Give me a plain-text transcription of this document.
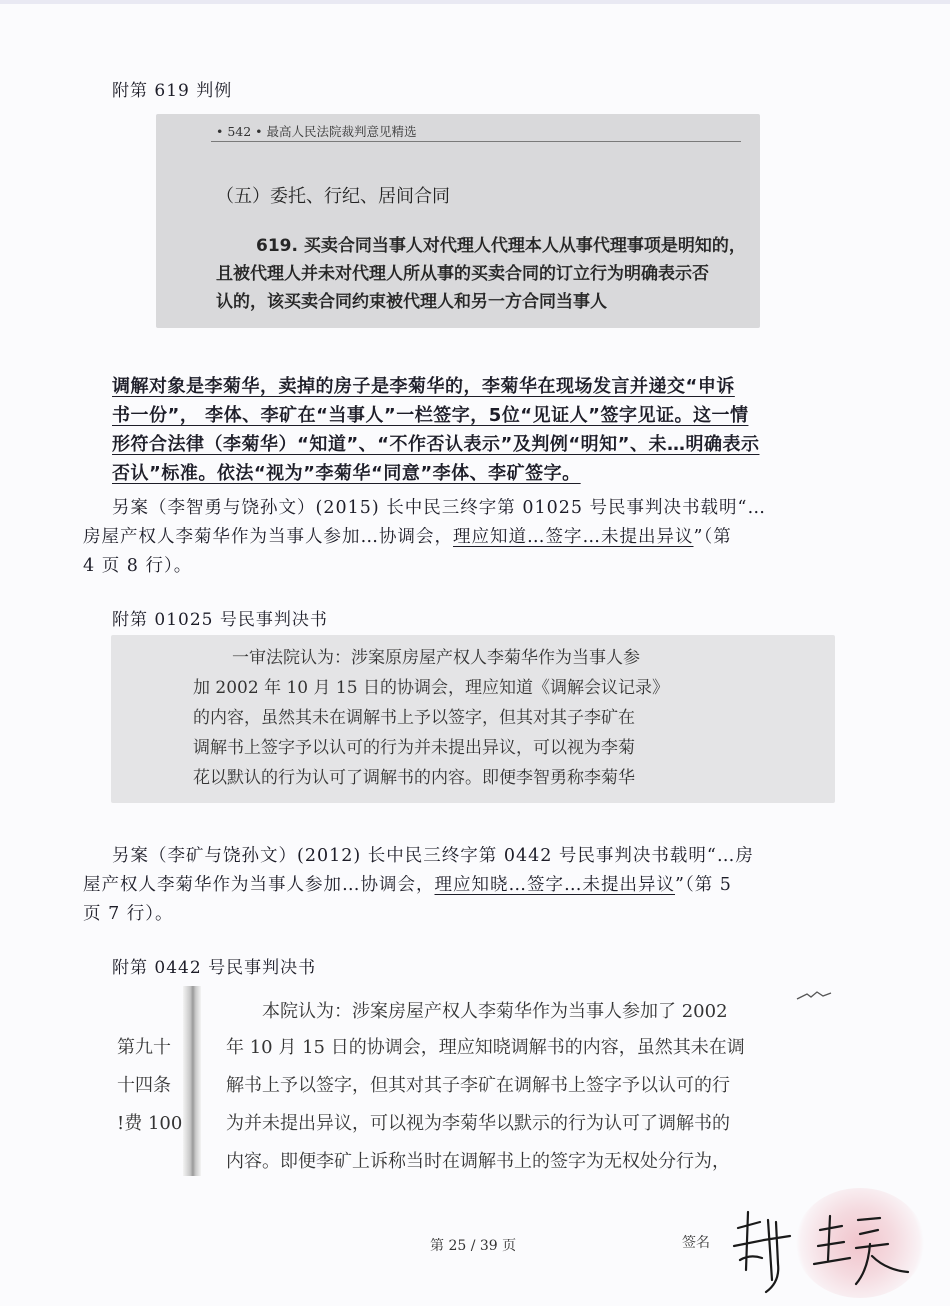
附第 619 判例
• 542 • 最高人民法院裁判意见精选
（五）委托、行纪、居间合同
619. 买卖合同当事人对代理人代理本人从事代理事项是明知的，
且被代理人并未对代理人所从事的买卖合同的订立行为明确表示否
认的，该买卖合同约束被代理人和另一方合同当事人
调解对象是李菊华，卖掉的房子是李菊华的，李菊华在现场发言并递交“申诉
书一份”， 李体、李矿在“当事人”一栏签字，5位“见证人”签字见证。这一情
形符合法律（李菊华）“知道”、“不作否认表示”及判例“明知”、未…明确表示
否认”标准。依法“视为”李菊华“同意”李体、李矿签字。
另案（李智勇与饶孙文）(2015) 长中民三终字第 01025 号民事判决书载明“…
房屋产权人李菊华作为当事人参加…协调会，理应知道…签字…未提出异议”（第
4 页 8 行）。
附第 01025 号民事判决书
一审法院认为：涉案原房屋产权人李菊华作为当事人参
加 2002 年 10 月 15 日的协调会，理应知道《调解会议记录》
的内容，虽然其未在调解书上予以签字，但其对其子李矿在
调解书上签字予以认可的行为并未提出异议，可以视为李菊
花以默认的行为认可了调解书的内容。即便李智勇称李菊华
另案（李矿与饶孙文）(2012) 长中民三终字第 0442 号民事判决书载明“…房
屋产权人李菊华作为当事人参加…协调会，理应知晓…签字…未提出异议”（第 5
页 7 行）。
附第 0442 号民事判决书
第九十
十四条
!费 100
本院认为：涉案房屋产权人李菊华作为当事人参加了 2002
年 10 月 15 日的协调会，理应知晓调解书的内容，虽然其未在调
解书上予以签字，但其对其子李矿在调解书上签字予以认可的行
为并未提出异议，可以视为李菊华以默示的行为认可了调解书的
内容。即便李矿上诉称当时在调解书上的签字为无权处分行为，
第 25 / 39 页	签名
